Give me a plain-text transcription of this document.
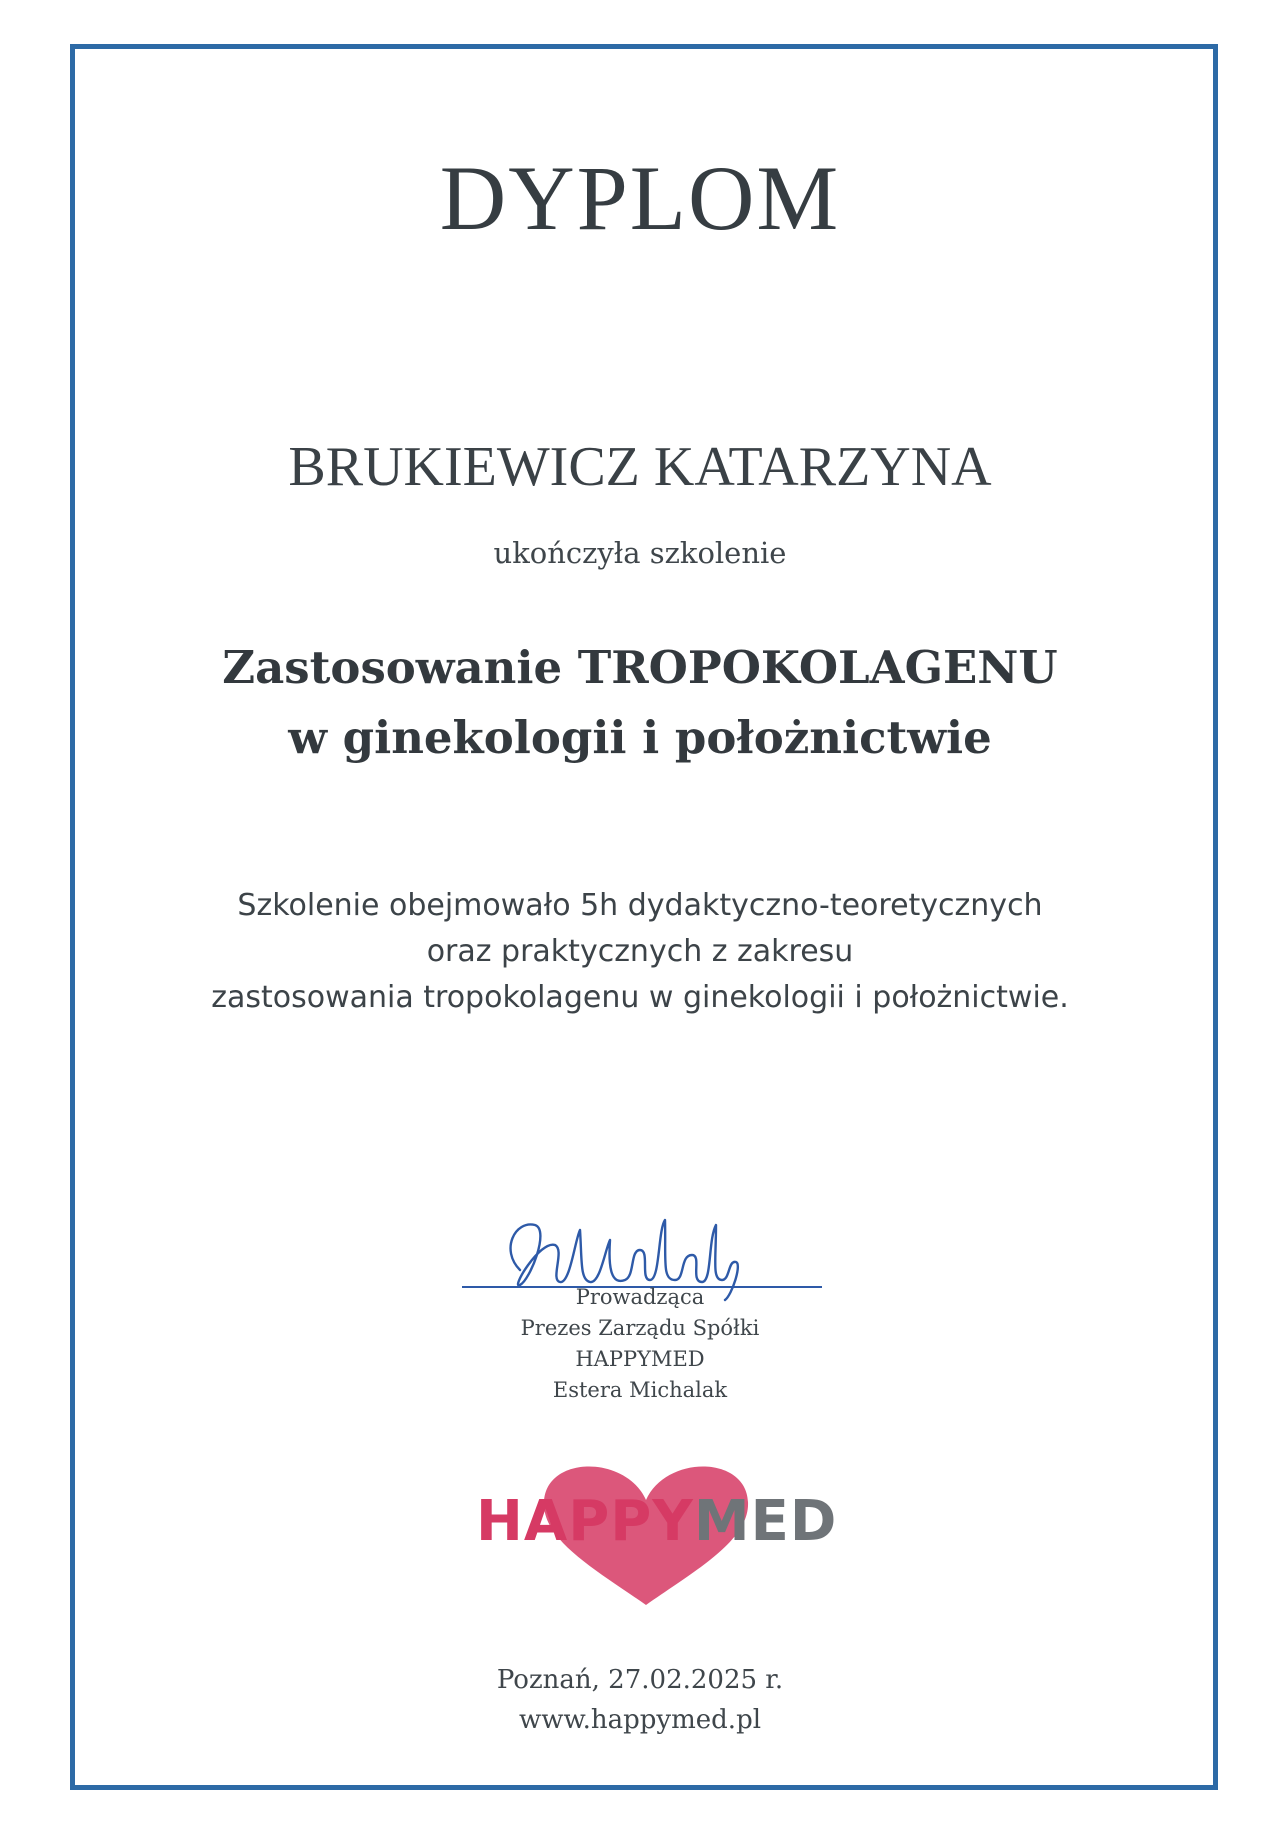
DYPLOM
BRUKIEWICZ KATARZYNA
ukończyła szkolenie
Zastosowanie TROPOKOLAGENU
w ginekologii i położnictwie
Szkolenie obejmowało 5h dydaktyczno-teoretycznych
oraz praktycznych z zakresu
zastosowania tropokolagenu w ginekologii i położnictwie.
Prowadząca
Prezes Zarządu Spółki
HAPPYMED
Estera Michalak
HAPPYMED
Poznań, 27.02.2025 r.
www.happymed.pl
